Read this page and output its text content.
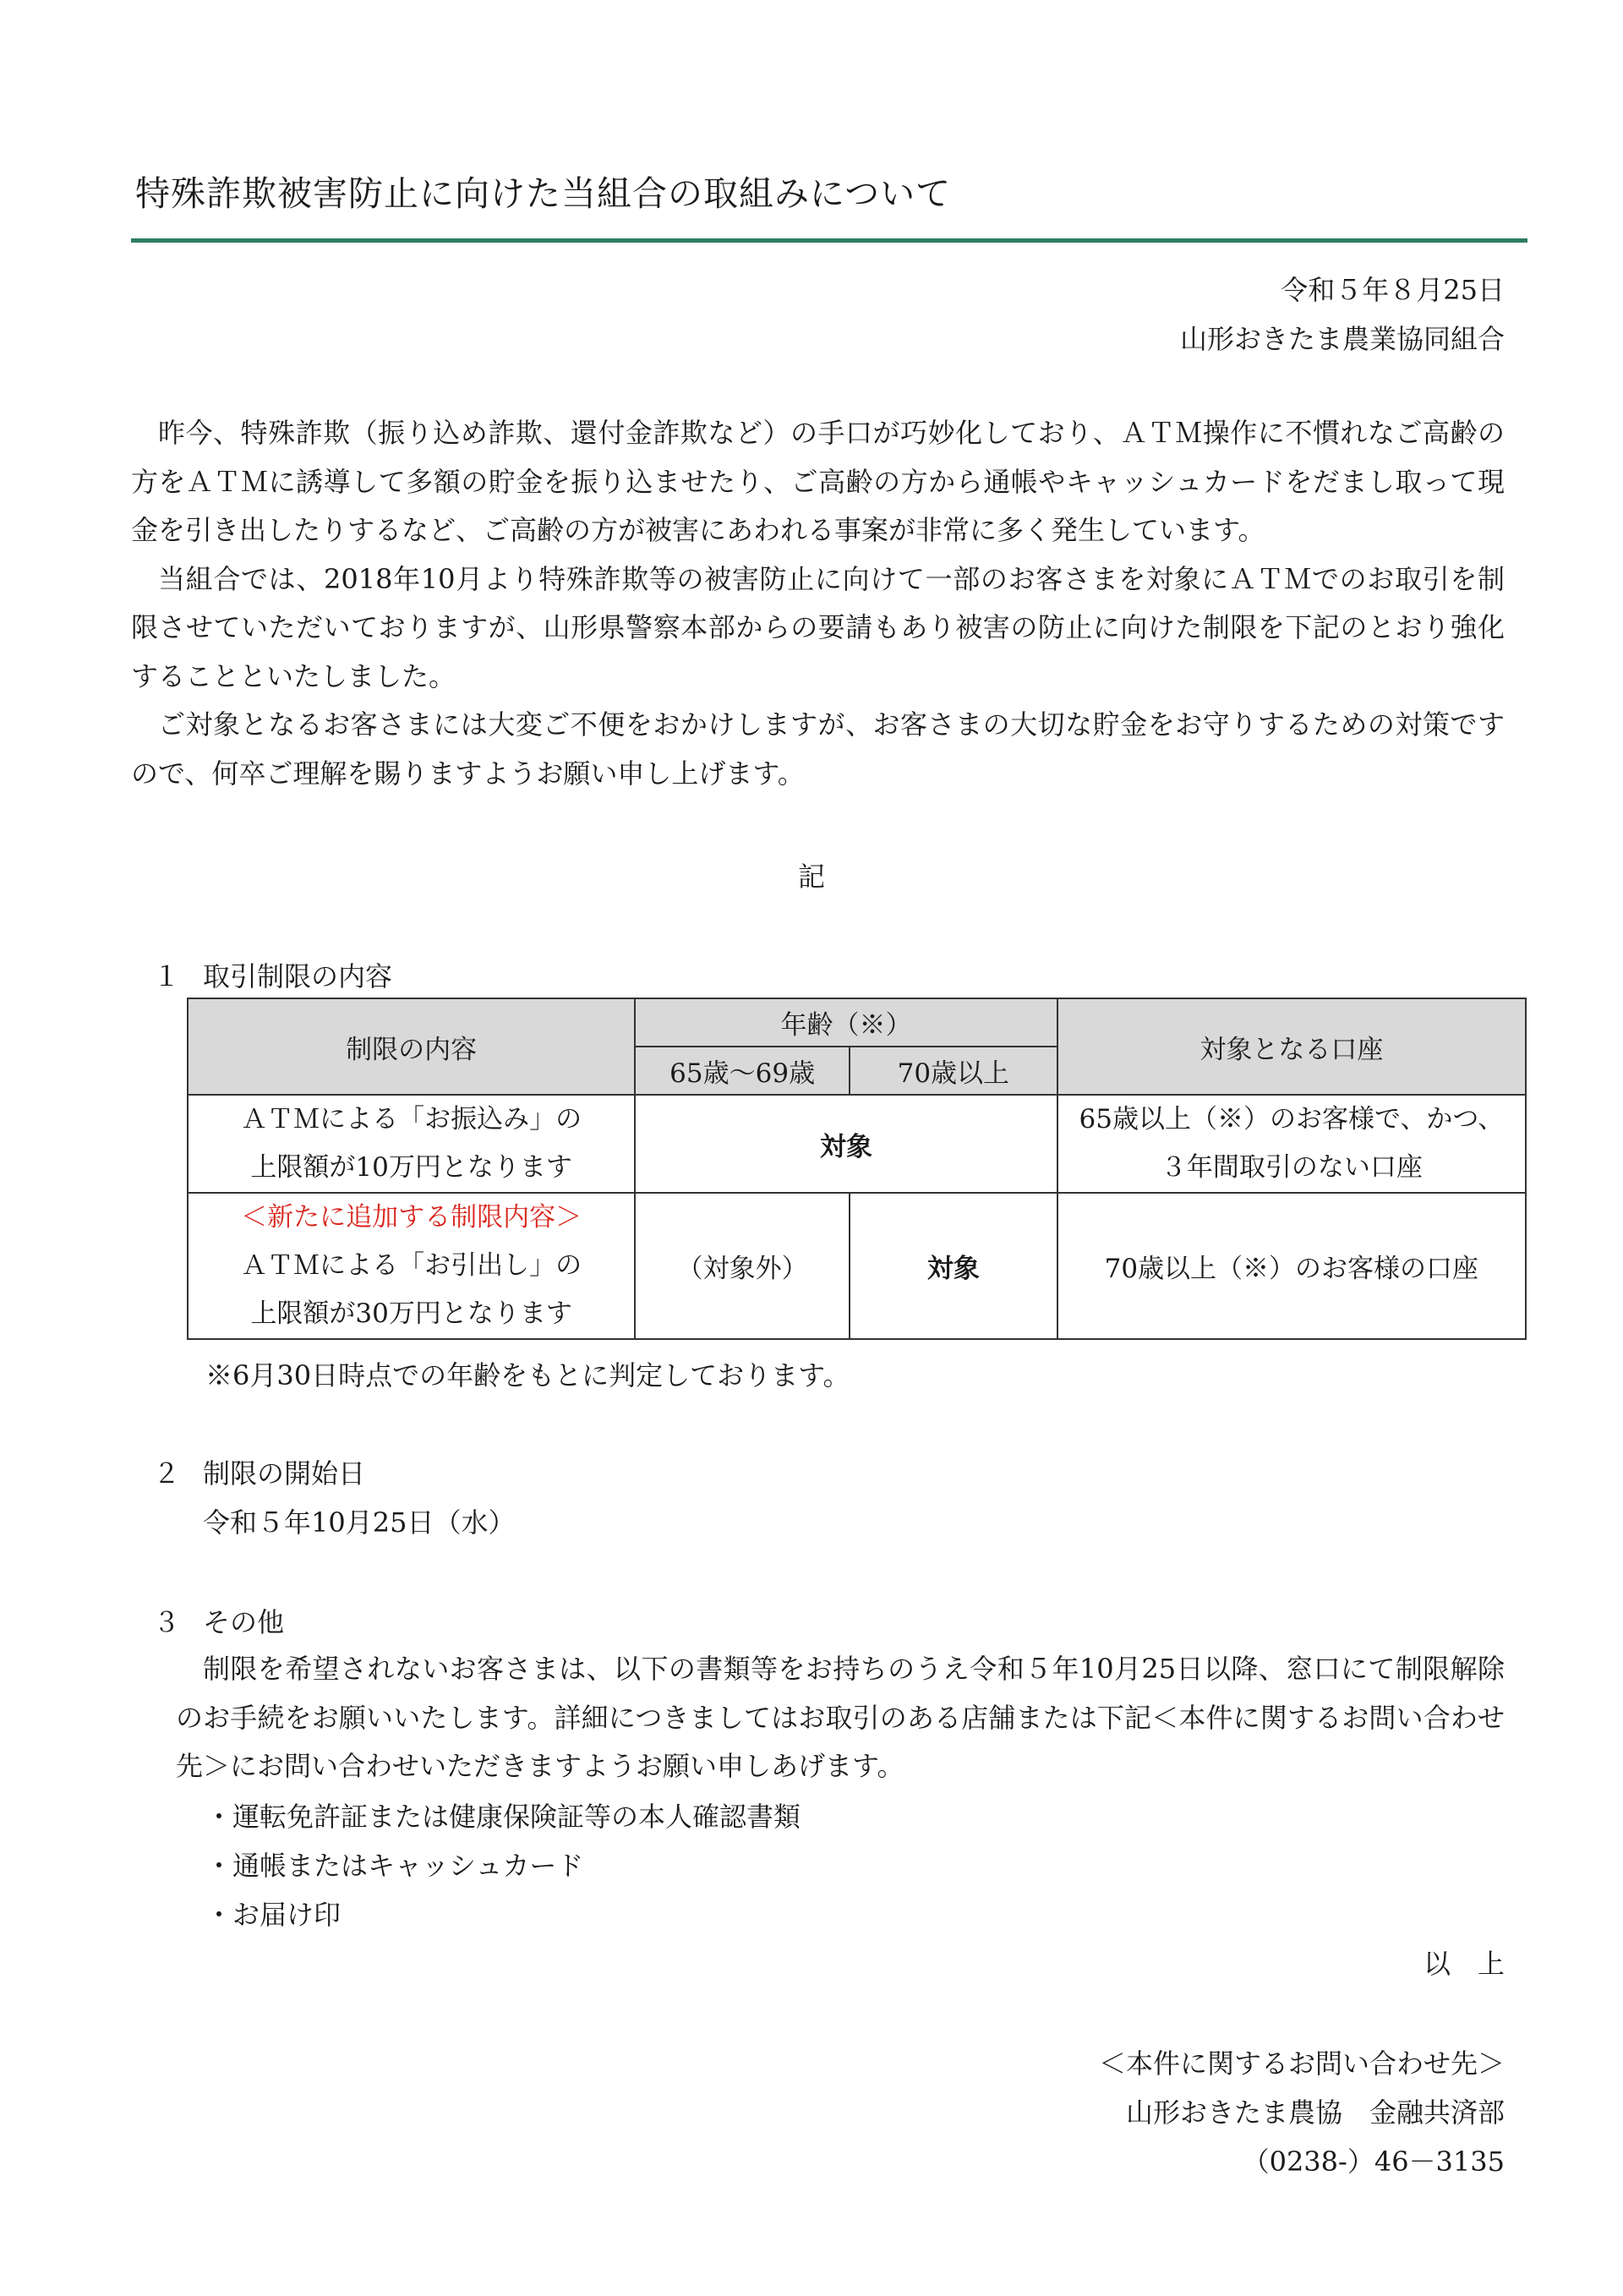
特殊詐欺被害防止に向けた当組合の取組みについて
令和５年８月25日
山形おきたま農業協同組合

昨今、特殊詐欺（振り込め詐欺、還付金詐欺など）の手口が巧妙化しており、ＡＴＭ操作に不慣れなご高齢の方をＡＴＭに誘導して多額の貯金を振り込ませたり、ご高齢の方から通帳やキャッシュカードをだまし取って現金を引き出したりするなど、ご高齢の方が被害にあわれる事案が非常に多く発生しています。

当組合では、2018年10月より特殊詐欺等の被害防止に向けて一部のお客さまを対象にＡＴＭでのお取引を制限させていただいておりますが、山形県警察本部からの要請もあり被害の防止に向けた制限を下記のとおり強化することといたしました。

ご対象となるお客さまには大変ご不便をおかけしますが、お客さまの大切な貯金をお守りするための対策ですので、何卒ご理解を賜りますようお願い申し上げます。

記
１ 取引制限の内容
制限の内容	年齢（※）		対象となる口座
	65歳～69歳	70歳以上	

ＡＴＭによる「お振込み」の
上限額が10万円となります	対象		65歳以上（※）のお客様で、かつ、
３年間取引のない口座

＜新たに追加する制限内容＞
ＡＴＭによる「お引出し」の
上限額が30万円となります	（対象外）	対象	70歳以上（※）のお客様の口座
※6月30日時点での年齢をもとに判定しております。
２ 制限の開始日
令和５年10月25日（水）
３ その他

制限を希望されないお客さまは、以下の書類等をお持ちのうえ令和５年10月25日以降、窓口にて制限解除のお手続をお願いいたします。詳細につきましてはお取引のある店舗または下記＜本件に関するお問い合わせ先＞にお問い合わせいただきますようお願い申しあげます。

・運転免許証または健康保険証等の本人確認書類
・通帳またはキャッシュカード
・お届け印
以　上
＜本件に関するお問い合わせ先＞
山形おきたま農協　金融共済部
（0238-）46－3135
